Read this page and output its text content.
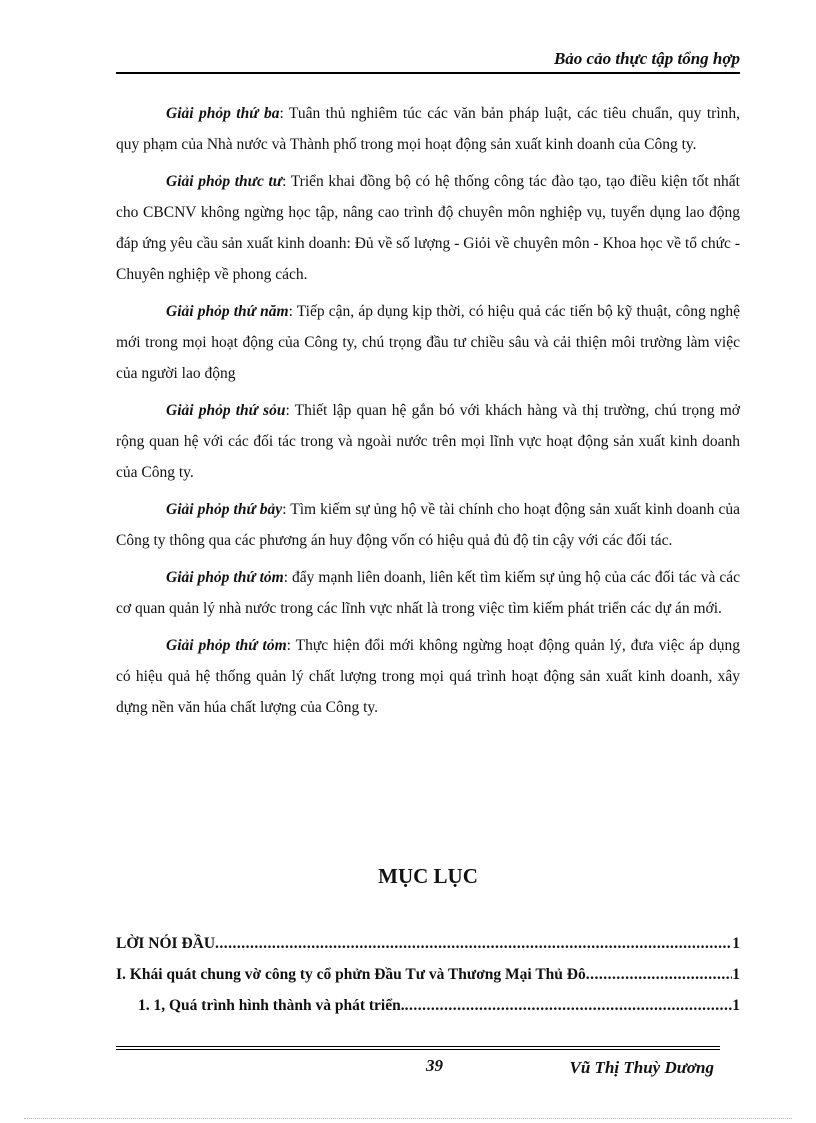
Bảo cảo thực tập tổng hợp

Giải phỏp thứ ba: Tuân thủ nghiêm túc các văn bản pháp luật, các tiêu chuẩn, quy trình, quy phạm của Nhà nước và Thành phố trong mọi hoạt động sản xuất kinh doanh của Công ty.

Giải phỏp thưc tư: Triển khai đồng bộ có hệ thống công tác đào tạo, tạo điều kiện tốt nhất cho CBCNV không ngừng học tập, nâng cao trình độ chuyên môn nghiệp vụ, tuyển dụng lao động đáp ứng yêu cầu sản xuất kinh doanh: Đủ về số lượng - Giỏi về chuyên môn - Khoa học về tổ chức - Chuyên nghiệp về phong cách.

Giải phỏp thứ năm: Tiếp cận, áp dụng kịp thời, có hiệu quả các tiến bộ kỹ thuật, công nghệ mới trong mọi hoạt động của Công ty, chú trọng đầu tư chiều sâu và cải thiện môi trường làm việc của người lao động

Giải phỏp thứ sỏu: Thiết lập quan hệ gắn bó với khách hàng và thị trường, chú trọng mở rộng quan hệ với các đối tác trong và ngoài nước trên mọi lĩnh vực hoạt động sản xuất kinh doanh của Công ty.

Giải phỏp thứ bảy: Tìm kiếm sự ủng hộ về tài chính cho hoạt động sản xuất kinh doanh của Công ty thông qua các phương án huy động vốn có hiệu quả đủ độ tin cậy với các đối tác.

Giải phỏp thứ tỏm: đẩy mạnh liên doanh, liên kết tìm kiếm sự ủng hộ của các đối tác và các cơ quan quản lý nhà nước trong các lĩnh vực nhất là trong việc tìm kiếm phát triển các dự án mới.

Giải phỏp thứ tỏm: Thực hiện đổi mới không ngừng hoạt động quản lý, đưa việc áp dụng có hiệu quả hệ thống quản lý chất lượng trong mọi quá trình hoạt động sản xuất kinh doanh, xây dựng nền văn húa chất lượng của Công ty.

MỤC LỤC
LỜI NÓI ĐẦU .....	1
I. Khái quát chung vờ công ty cổ phửn Đầu Tư và Thương Mại Thủ Đô .....	1
1. 1, Quá trình hình thành và phát triển. .....	1
39	Vũ Thị Thuỳ Dương
